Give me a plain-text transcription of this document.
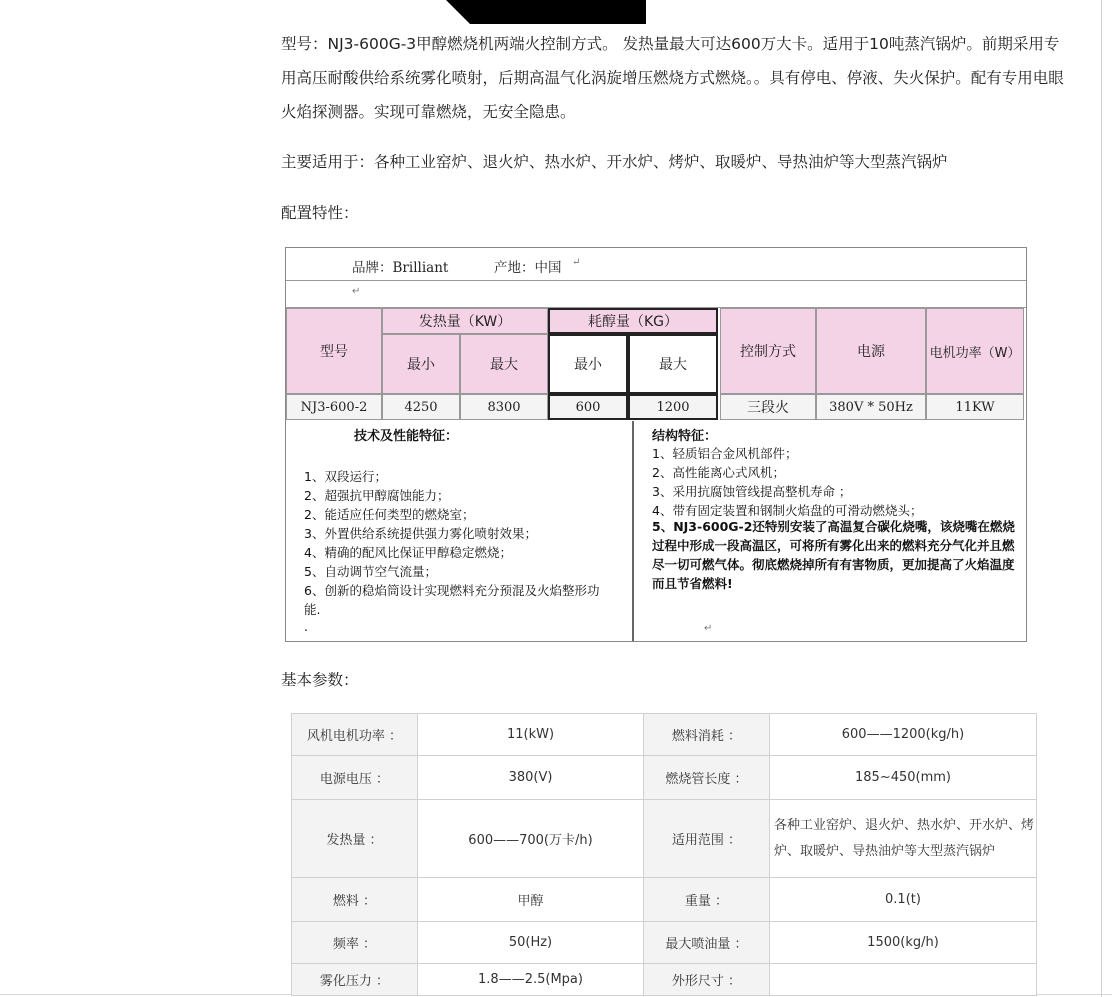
型号：NJ3-600G-3甲醇燃烧机两端火控制方式。 发热量最大可达600万大卡。适用于10吨蒸汽锅炉。前期采用专用高压耐酸供给系统雾化喷射，后期高温气化涡旋增压燃烧方式燃烧。。具有停电、停液、失火保护。配有专用电眼火焰探测器。实现可靠燃烧，无安全隐患。

主要适用于：各种工业窑炉、退火炉、热水炉、开水炉、烤炉、取暖炉、导热油炉等大型蒸汽锅炉

配置特性：

品牌：Brilliant	产地：中国 ↵
↵
型号
发热量（KW）	耗醇量（KG）
最小	最大	最小	最大
控制方式	电源	电机功率（W）
NJ3-600-2	4250	8300	600	1200	三段火	380V * 50Hz	11KW
技术及性能特征：
1、双段运行；
2、超强抗甲醇腐蚀能力；
2、能适应任何类型的燃烧室；
3、外置供给系统提供强力雾化喷射效果；
4、精确的配风比保证甲醇稳定燃烧；
5、自动调节空气流量；
6、创新的稳焰筒设计实现燃料充分预混及火焰整形功
能.
.
结构特征：
1、轻质铝合金风机部件；
2、高性能离心式风机；
3、采用抗腐蚀管线提高整机寿命 ；
4、带有固定装置和钢制火焰盘的可滑动燃烧头；
5、NJ3-600G-2还特别安装了高温复合碳化烧嘴，该烧嘴在燃烧过程中形成一段高温区，可将所有雾化出来的燃料充分气化并且燃尽一切可燃气体。彻底燃烧掉所有有害物质，更加提高了火焰温度而且节省燃料!
↵

基本参数：

风机电机功率 ：	11(kW)	燃料消耗 ：	600——1200(kg/h)
电源电压 ：	380(V)	燃烧管长度 ：	185~450(mm)
发热量 ：	600——700(万卡/h)	适用范围 ：	各种工业窑炉、退火炉、热水炉、开水炉、烤炉、取暖炉、导热油炉等大型蒸汽锅炉
燃料 ：	甲醇	重量 ：	0.1(t)
频率 ：	50(Hz)	最大喷油量 ：	1500(kg/h)
雾化压力 ：	1.8——2.5(Mpa)	外形尺寸 ：	
